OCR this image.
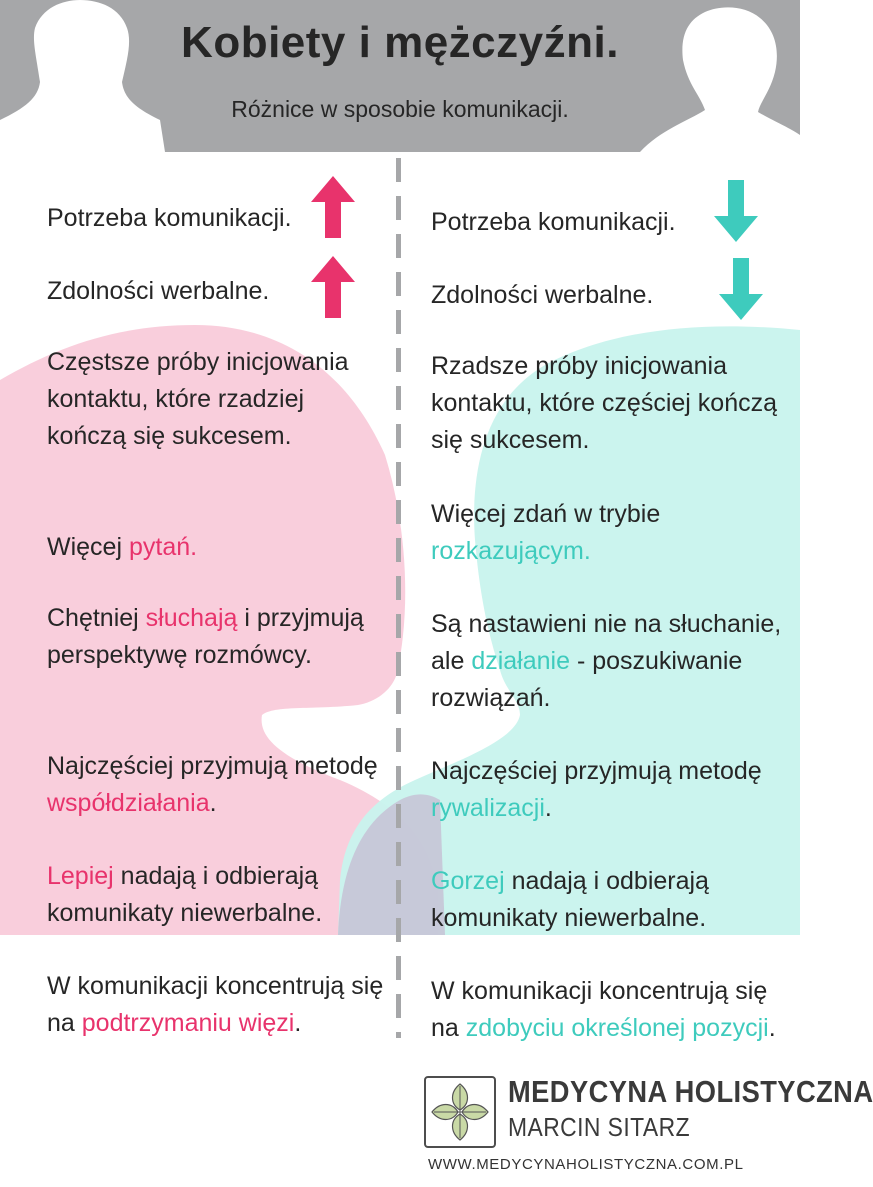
Kobiety i mężczyźni.
Różnice w sposobie komunikacji.
Potrzeba komunikacji.
Zdolności werbalne.
Częstsze próby inicjowania kontaktu, które rzadziej kończą się sukcesem.
Więcej pytań.
Chętniej słuchają i przyjmują perspektywę rozmówcy.
Najczęściej przyjmują metodę współdziałania.
Lepiej nadają i odbierają komunikaty niewerbalne.
W komunikacji koncentrują się na podtrzymaniu więzi.
Potrzeba komunikacji.
Zdolności werbalne.
Rzadsze próby inicjowania kontaktu, które częściej kończą się sukcesem.
Więcej zdań w trybie rozkazującym.
Są nastawieni nie na słuchanie, ale działanie - poszukiwanie rozwiązań.
Najczęściej przyjmują metodę rywalizacji.
Gorzej nadają i odbierają komunikaty niewerbalne.
W komunikacji koncentrują się na zdobyciu określonej pozycji.
MEDYCYNA HOLISTYCZNA
MARCIN SITARZ
WWW.MEDYCYNAHOLISTYCZNA.COM.PL
